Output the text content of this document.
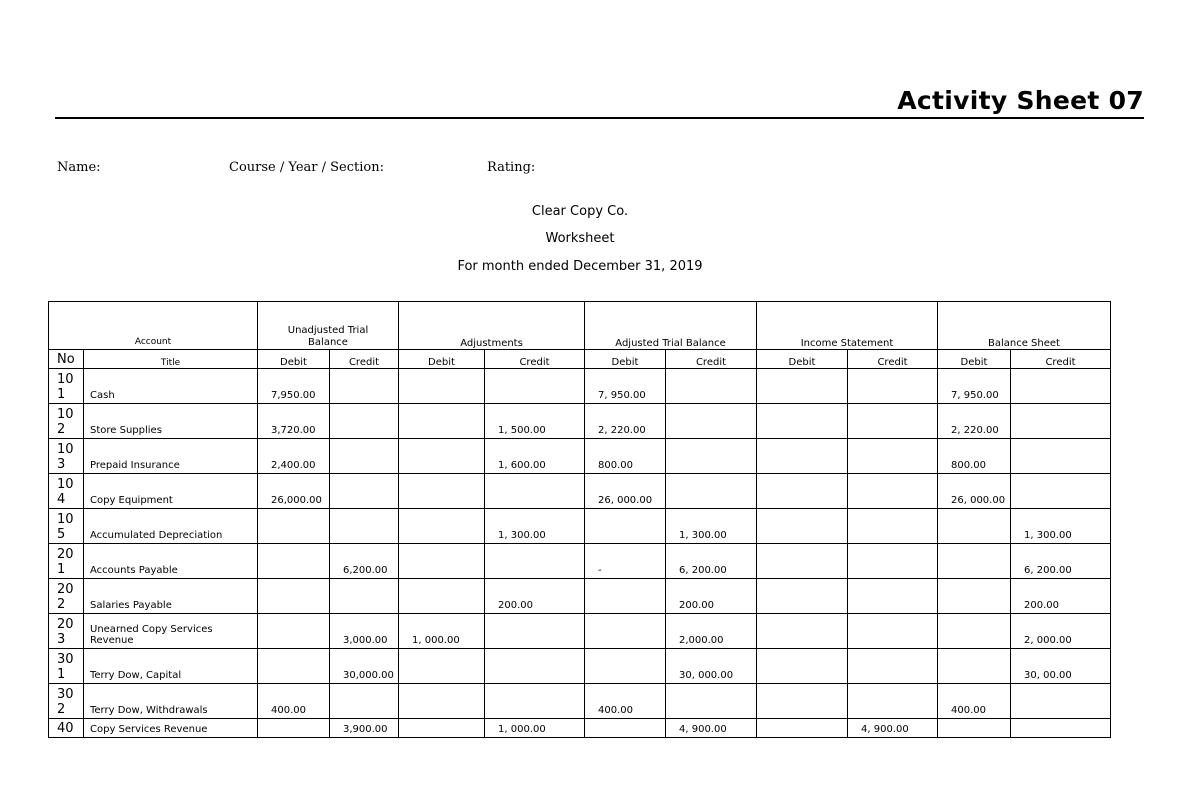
Activity Sheet 07
Name:	Course / Year / Section:	Rating:
Clear Copy Co.
Worksheet
For month ended December 31, 2019
Account		Unadjusted Trial Balance		Adjustments		Adjusted Trial Balance		Income Statement		Balance Sheet	
No	Title	Debit	Credit	Debit	Credit	Debit	Credit	Debit	Credit	Debit	Credit
10
1	Cash	7,950.00				7, 950.00				7, 950.00	
10
2	Store Supplies	3,720.00			1, 500.00	2, 220.00				2, 220.00	
10
3	Prepaid Insurance	2,400.00			1, 600.00	800.00				800.00	
10
4	Copy Equipment	26,000.00				26, 000.00				26, 000.00	
10
5	Accumulated Depreciation				1, 300.00		1, 300.00				1, 300.00
20
1	Accounts Payable		6,200.00			-	6, 200.00				6, 200.00
20
2	Salaries Payable				200.00		200.00				200.00
20
3	Unearned Copy Services Revenue		3,000.00	1, 000.00			2,000.00				2, 000.00
30
1	Terry Dow, Capital		30,000.00				30, 000.00				30, 00.00
30
2	Terry Dow, Withdrawals	400.00				400.00				400.00	
40	Copy Services Revenue		3,900.00		1, 000.00		4, 900.00		4, 900.00		
